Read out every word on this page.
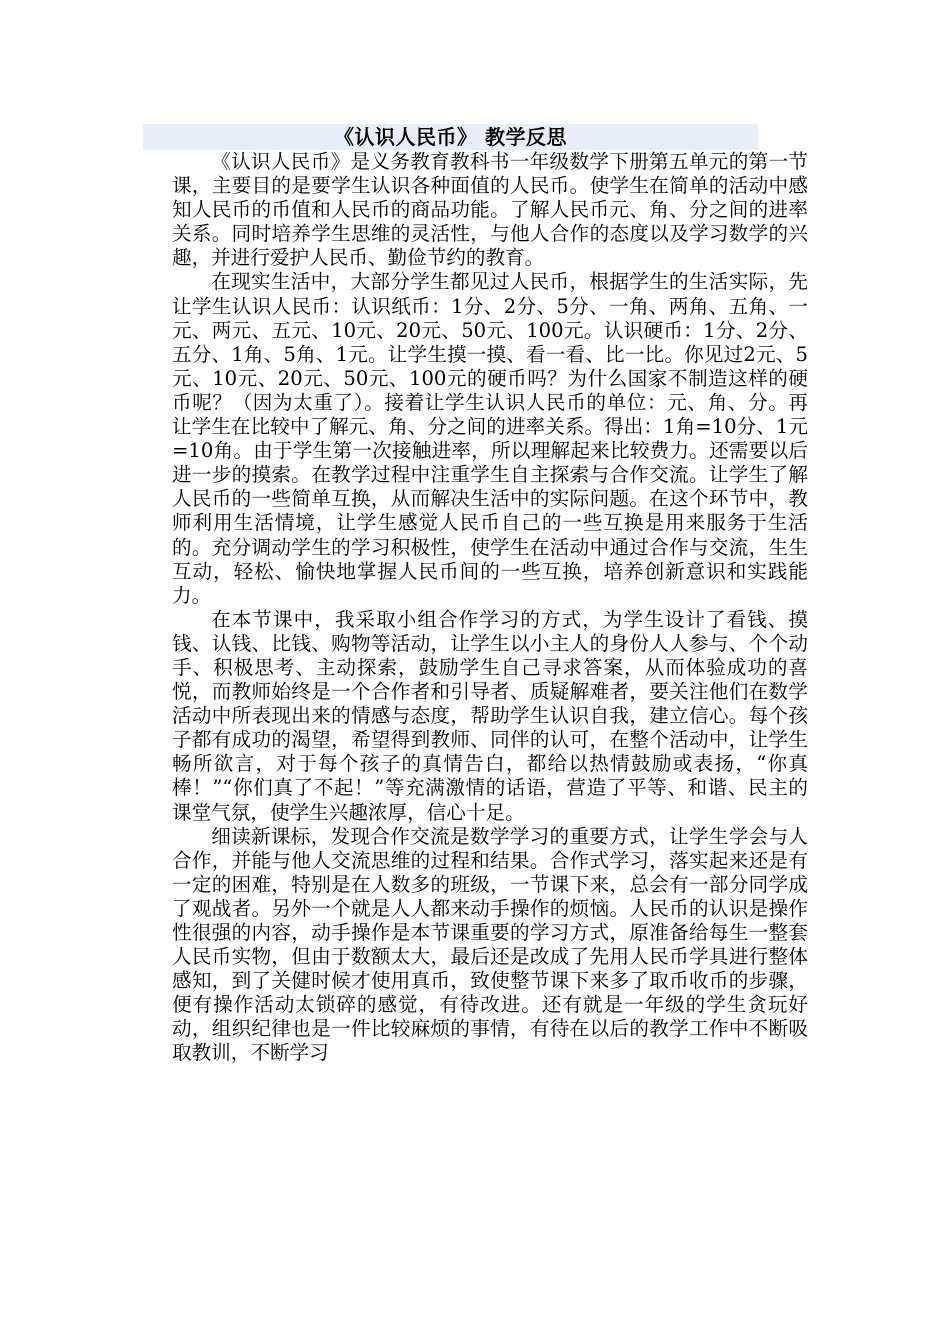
《认识人民币》 教学反思

《认识人民币》是义务教育教科书一年级数学下册第五单元的第一节课，主要目的是要学生认识各种面值的人民币。使学生在简单的活动中感知人民币的币值和人民币的商品功能。了解人民币元、角、分之间的进率关系。同时培养学生思维的灵活性，与他人合作的态度以及学习数学的兴趣，并进行爱护人民币、勤俭节约的教育。

在现实生活中，大部分学生都见过人民币，根据学生的生活实际，先让学生认识人民币：认识纸币：1分、2分、5分、一角、两角、五角、一元、两元、五元、10元、20元、50元、100元。认识硬币：1分、2分、五分、1角、5角、1元。让学生摸一摸、看一看、比一比。你见过2元、5元、10元、20元、50元、100元的硬币吗？为什么国家不制造这样的硬币呢？（因为太重了）。接着让学生认识人民币的单位：元、角、分。再让学生在比较中了解元、角、分之间的进率关系。得出：1角=10分、1元=10角。由于学生第一次接触进率，所以理解起来比较费力。还需要以后进一步的摸索。在教学过程中注重学生自主探索与合作交流。让学生了解人民币的一些简单互换，从而解决生活中的实际问题。在这个环节中，教师利用生活情境，让学生感觉人民币自己的一些互换是用来服务于生活的。充分调动学生的学习积极性，使学生在活动中通过合作与交流，生生互动，轻松、愉快地掌握人民币间的一些互换，培养创新意识和实践能力。

在本节课中，我采取小组合作学习的方式，为学生设计了看钱、摸钱、认钱、比钱、购物等活动，让学生以小主人的身份人人参与、个个动手、积极思考、主动探索，鼓励学生自己寻求答案，从而体验成功的喜悦，而教师始终是一个合作者和引导者、质疑解难者，要关注他们在数学活动中所表现出来的情感与态度，帮助学生认识自我，建立信心。每个孩子都有成功的渴望，希望得到教师、同伴的认可，在整个活动中，让学生畅所欲言，对于每个孩子的真情告白，都给以热情鼓励或表扬，“你真棒！”“你们真了不起！”等充满激情的话语，营造了平等、和谐、民主的课堂气氛，使学生兴趣浓厚，信心十足。

细读新课标，发现合作交流是数学学习的重要方式，让学生学会与人合作，并能与他人交流思维的过程和结果。合作式学习，落实起来还是有一定的困难，特别是在人数多的班级，一节课下来，总会有一部分同学成了观战者。另外一个就是人人都来动手操作的烦恼。人民币的认识是操作性很强的内容，动手操作是本节课重要的学习方式，原准备给每生一整套人民币实物，但由于数额太大，最后还是改成了先用人民币学具进行整体感知，到了关健时候才使用真币，致使整节课下来多了取币收币的步骤，便有操作活动太锁碎的感觉，有待改进。还有就是一年级的学生贪玩好动，组织纪律也是一件比较麻烦的事情，有待在以后的教学工作中不断吸取教训，不断学习
